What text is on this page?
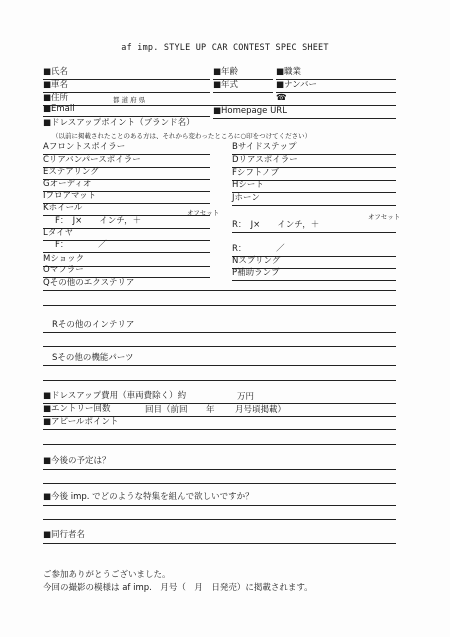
af imp. STYLE UP CAR CONTEST SPEC SHEET
■氏名	■年齢	■職業
■車名	■年式	■ナンバー
■住所	都 道 府 県	☎
■Email	■Homepage URL
■ドレスアップポイント（ブランド名）
（以前に掲載されたことのある方は、それから変わったところに○印をつけてください）
Aフロントスポイラー	Bサイドステップ
Cリアバンパースポイラー	Dリアスポイラー
Eステアリング	Fシフトノブ
Gオーディオ	Hシート
Iフロアマット	Jホーン
Kホイール	オフセット	オフセット
F：　J×　　インチ，＋	R：　J×　　インチ，＋
Lタイヤ
F：　　　　／	R：　　　　／
Mショック	Nスプリング
Oマフラー	P補助ランプ
Qその他のエクステリア
Rその他のインテリア
Sその他の機能パーツ
■ドレスアップ費用（車両費除く）約	万円
■エントリー回数	回目（前回 年 月号頃掲載）
■アピールポイント
■今後の予定は？
■今後 imp. でどのような特集を組んで欲しいですか？
■同行者名
ご参加ありがとうございました。
今回の撮影の模様は af imp.　月号（　月　日発売）に掲載されます。
